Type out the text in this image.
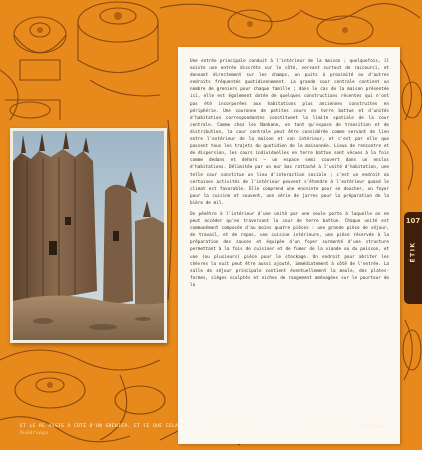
Une entrée principale conduit à l'intérieur de la maison ; quelquefois, il existe une entrée discrète sur le côté, servant surtout de raccourci, et donnant directement sur les champs, un puits à proximité ou d'autres endroits fréquentés quotidiennement. La grande cour centrale contient un nombre de greniers pour chaque famille ; dans le cas de la maison présentée ici, elle est également dotée de quelques constructions récentes qui n'ont pas été incorporées aux habitations plus anciennes construites en périphérie. Une couronne de petites cours en terre battue et d'unités d'habitation correspondantes constituent la limite spatiale de la cour centrale. Comme chez les Nankane, en tant qu'espace de transition et de distribution, la cour centrale peut être considérée comme servant de lien entre l'extérieur de la maison et son intérieur, et c'est par elle que passent tous les trajets du quotidien de la maisonnée. Lieux de rencontre et de dispersion, les cours individuelles en terre battue sont vécues à la fois comme dedans et dehors – un espace semi couvert dans un enclos d'habitations. Délimitée par un mur bas rattaché à l'unité d'habitation, une telle cour constitue un lieu d'interaction sociale ; c'est un endroit où certaines activités de l'intérieur peuvent s'étendre à l'extérieur quand le climat est favorable. Elle comprend une enceinte pour se doucher, un foyer pour la cuisine et souvent, une série de jarres pour la préparation de la bière de mil.

On pénètre à l'intérieur d'une unité par une seule porte à laquelle on ne peut accéder qu'en traversant la cour de terre battue. Chaque unité est communément composée d'au moins quatre pièces : une grande pièce de séjour, de travail, et de repos, une cuisine intérieure, une pièce réservée à la préparation des sauces et équipée d'un foyer surmonté d'une structure permettant à la fois de cuisiner et de fumer de la viande ou du poisson, et une (ou plusieurs) pièce pour le stockage. Un endroit pour abriter les chèvres la nuit peut être aussi ajouté, immédiatement à côté de l'entrée. La salle de séjour principale contient éventuellement la meule, des plates-formes, sièges sculptés et niches de rangement aménagées sur le pourtour de la

107
ÉTIK
ET LE RE ASSIS À CÔTÉ D'UN GRENIER, ET CE QUE CELA TE FAIT CONNAÎTRE CE QUI EST À L'INTÉRIEUR DU GRENIER » — Saidou Ouédraogo
